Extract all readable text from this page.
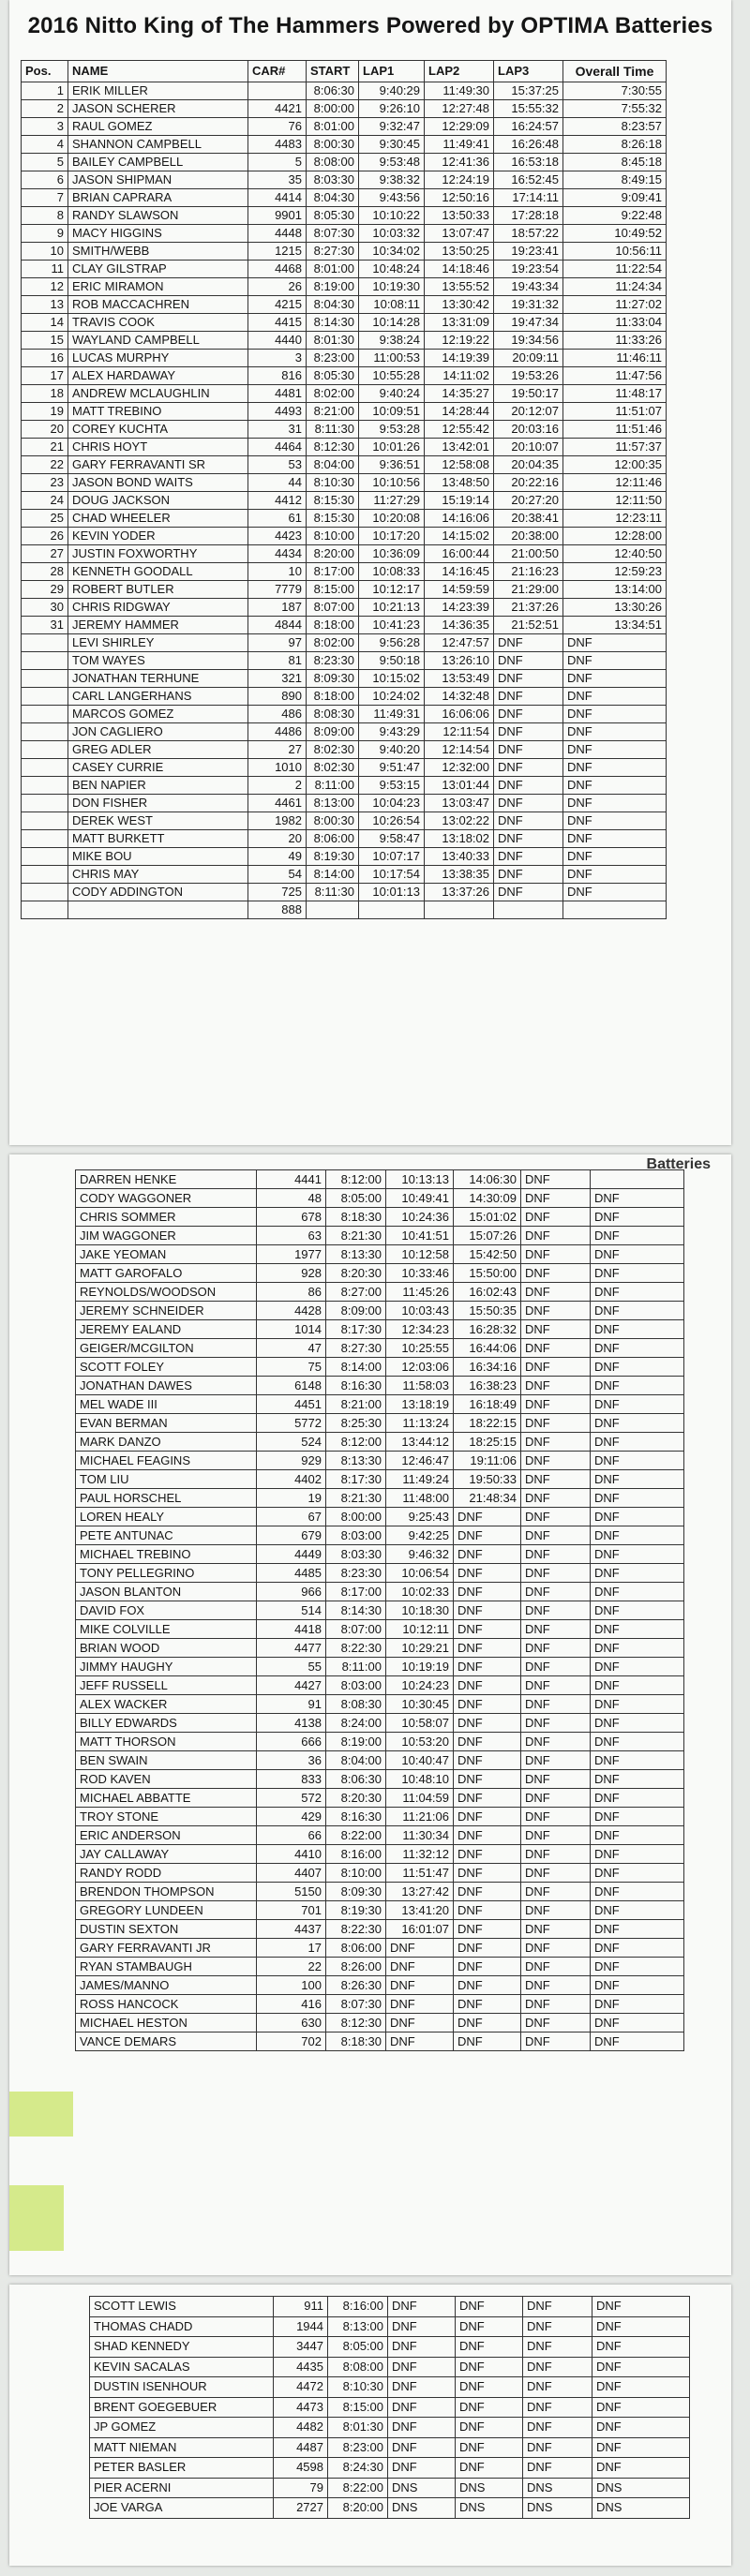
2016 Nitto King of The Hammers Powered by OPTIMA Batteries
Pos.	NAME	CAR#	START	LAP1	LAP2	LAP3	Overall Time
1	ERIK MILLER		8:06:30	9:40:29	11:49:30	15:37:25	7:30:55
2	JASON SCHERER	4421	8:00:00	9:26:10	12:27:48	15:55:32	7:55:32
3	RAUL GOMEZ	76	8:01:00	9:32:47	12:29:09	16:24:57	8:23:57
4	SHANNON CAMPBELL	4483	8:00:30	9:30:45	11:49:41	16:26:48	8:26:18
5	BAILEY CAMPBELL	5	8:08:00	9:53:48	12:41:36	16:53:18	8:45:18
6	JASON SHIPMAN	35	8:03:30	9:38:32	12:24:19	16:52:45	8:49:15
7	BRIAN CAPRARA	4414	8:04:30	9:43:56	12:50:16	17:14:11	9:09:41
8	RANDY SLAWSON	9901	8:05:30	10:10:22	13:50:33	17:28:18	9:22:48
9	MACY HIGGINS	4448	8:07:30	10:03:32	13:07:47	18:57:22	10:49:52
10	SMITH/WEBB	1215	8:27:30	10:34:02	13:50:25	19:23:41	10:56:11
11	CLAY GILSTRAP	4468	8:01:00	10:48:24	14:18:46	19:23:54	11:22:54
12	ERIC MIRAMON	26	8:19:00	10:19:30	13:55:52	19:43:34	11:24:34
13	ROB MACCACHREN	4215	8:04:30	10:08:11	13:30:42	19:31:32	11:27:02
14	TRAVIS COOK	4415	8:14:30	10:14:28	13:31:09	19:47:34	11:33:04
15	WAYLAND CAMPBELL	4440	8:01:30	9:38:24	12:19:22	19:34:56	11:33:26
16	LUCAS MURPHY	3	8:23:00	11:00:53	14:19:39	20:09:11	11:46:11
17	ALEX HARDAWAY	816	8:05:30	10:55:28	14:11:02	19:53:26	11:47:56
18	ANDREW MCLAUGHLIN	4481	8:02:00	9:40:24	14:35:27	19:50:17	11:48:17
19	MATT TREBINO	4493	8:21:00	10:09:51	14:28:44	20:12:07	11:51:07
20	COREY KUCHTA	31	8:11:30	9:53:28	12:55:42	20:03:16	11:51:46
21	CHRIS HOYT	4464	8:12:30	10:01:26	13:42:01	20:10:07	11:57:37
22	GARY FERRAVANTI SR	53	8:04:00	9:36:51	12:58:08	20:04:35	12:00:35
23	JASON BOND WAITS	44	8:10:30	10:10:56	13:48:50	20:22:16	12:11:46
24	DOUG JACKSON	4412	8:15:30	11:27:29	15:19:14	20:27:20	12:11:50
25	CHAD WHEELER	61	8:15:30	10:20:08	14:16:06	20:38:41	12:23:11
26	KEVIN YODER	4423	8:10:00	10:17:20	14:15:02	20:38:00	12:28:00
27	JUSTIN FOXWORTHY	4434	8:20:00	10:36:09	16:00:44	21:00:50	12:40:50
28	KENNETH GOODALL	10	8:17:00	10:08:33	14:16:45	21:16:23	12:59:23
29	ROBERT BUTLER	7779	8:15:00	10:12:17	14:59:59	21:29:00	13:14:00
30	CHRIS RIDGWAY	187	8:07:00	10:21:13	14:23:39	21:37:26	13:30:26
31	JEREMY HAMMER	4844	8:18:00	10:41:23	14:36:35	21:52:51	13:34:51
	LEVI SHIRLEY	97	8:02:00	9:56:28	12:47:57	DNF	DNF
	TOM WAYES	81	8:23:30	9:50:18	13:26:10	DNF	DNF
	JONATHAN TERHUNE	321	8:09:30	10:15:02	13:53:49	DNF	DNF
	CARL LANGERHANS	890	8:18:00	10:24:02	14:32:48	DNF	DNF
	MARCOS GOMEZ	486	8:08:30	11:49:31	16:06:06	DNF	DNF
	JON CAGLIERO	4486	8:09:00	9:43:29	12:11:54	DNF	DNF
	GREG ADLER	27	8:02:30	9:40:20	12:14:54	DNF	DNF
	CASEY CURRIE	1010	8:02:30	9:51:47	12:32:00	DNF	DNF
	BEN NAPIER	2	8:11:00	9:53:15	13:01:44	DNF	DNF
	DON FISHER	4461	8:13:00	10:04:23	13:03:47	DNF	DNF
	DEREK WEST	1982	8:00:30	10:26:54	13:02:22	DNF	DNF
	MATT BURKETT	20	8:06:00	9:58:47	13:18:02	DNF	DNF
	MIKE BOU	49	8:19:30	10:07:17	13:40:33	DNF	DNF
	CHRIS MAY	54	8:14:00	10:17:54	13:38:35	DNF	DNF
	CODY ADDINGTON	725	8:11:30	10:01:13	13:37:26	DNF	DNF
		888					
Batteries
DARREN HENKE	4441	8:12:00	10:13:13	14:06:30	DNF	
CODY WAGGONER	48	8:05:00	10:49:41	14:30:09	DNF	DNF
CHRIS SOMMER	678	8:18:30	10:24:36	15:01:02	DNF	DNF
JIM WAGGONER	63	8:21:30	10:41:51	15:07:26	DNF	DNF
JAKE YEOMAN	1977	8:13:30	10:12:58	15:42:50	DNF	DNF
MATT GAROFALO	928	8:20:30	10:33:46	15:50:00	DNF	DNF
REYNOLDS/WOODSON	86	8:27:00	11:45:26	16:02:43	DNF	DNF
JEREMY SCHNEIDER	4428	8:09:00	10:03:43	15:50:35	DNF	DNF
JEREMY EALAND	1014	8:17:30	12:34:23	16:28:32	DNF	DNF
GEIGER/MCGILTON	47	8:27:30	10:25:55	16:44:06	DNF	DNF
SCOTT FOLEY	75	8:14:00	12:03:06	16:34:16	DNF	DNF
JONATHAN DAWES	6148	8:16:30	11:58:03	16:38:23	DNF	DNF
MEL WADE III	4451	8:21:00	13:18:19	16:18:49	DNF	DNF
EVAN BERMAN	5772	8:25:30	11:13:24	18:22:15	DNF	DNF
MARK DANZO	524	8:12:00	13:44:12	18:25:15	DNF	DNF
MICHAEL FEAGINS	929	8:13:30	12:46:47	19:11:06	DNF	DNF
TOM LIU	4402	8:17:30	11:49:24	19:50:33	DNF	DNF
PAUL HORSCHEL	19	8:21:30	11:48:00	21:48:34	DNF	DNF
LOREN HEALY	67	8:00:00	9:25:43	DNF	DNF	DNF
PETE ANTUNAC	679	8:03:00	9:42:25	DNF	DNF	DNF
MICHAEL TREBINO	4449	8:03:30	9:46:32	DNF	DNF	DNF
TONY PELLEGRINO	4485	8:23:30	10:06:54	DNF	DNF	DNF
JASON BLANTON	966	8:17:00	10:02:33	DNF	DNF	DNF
DAVID FOX	514	8:14:30	10:18:30	DNF	DNF	DNF
MIKE COLVILLE	4418	8:07:00	10:12:11	DNF	DNF	DNF
BRIAN WOOD	4477	8:22:30	10:29:21	DNF	DNF	DNF
JIMMY HAUGHY	55	8:11:00	10:19:19	DNF	DNF	DNF
JEFF RUSSELL	4427	8:03:00	10:24:23	DNF	DNF	DNF
ALEX WACKER	91	8:08:30	10:30:45	DNF	DNF	DNF
BILLY EDWARDS	4138	8:24:00	10:58:07	DNF	DNF	DNF
MATT THORSON	666	8:19:00	10:53:20	DNF	DNF	DNF
BEN SWAIN	36	8:04:00	10:40:47	DNF	DNF	DNF
ROD KAVEN	833	8:06:30	10:48:10	DNF	DNF	DNF
MICHAEL ABBATTE	572	8:20:30	11:04:59	DNF	DNF	DNF
TROY STONE	429	8:16:30	11:21:06	DNF	DNF	DNF
ERIC ANDERSON	66	8:22:00	11:30:34	DNF	DNF	DNF
JAY CALLAWAY	4410	8:16:00	11:32:12	DNF	DNF	DNF
RANDY RODD	4407	8:10:00	11:51:47	DNF	DNF	DNF
BRENDON THOMPSON	5150	8:09:30	13:27:42	DNF	DNF	DNF
GREGORY LUNDEEN	701	8:19:30	13:41:20	DNF	DNF	DNF
DUSTIN SEXTON	4437	8:22:30	16:01:07	DNF	DNF	DNF
GARY FERRAVANTI JR	17	8:06:00	DNF	DNF	DNF	DNF
RYAN STAMBAUGH	22	8:26:00	DNF	DNF	DNF	DNF
JAMES/MANNO	100	8:26:30	DNF	DNF	DNF	DNF
ROSS HANCOCK	416	8:07:30	DNF	DNF	DNF	DNF
MICHAEL HESTON	630	8:12:30	DNF	DNF	DNF	DNF
VANCE DEMARS	702	8:18:30	DNF	DNF	DNF	DNF
SCOTT LEWIS	911	8:16:00	DNF	DNF	DNF	DNF
THOMAS CHADD	1944	8:13:00	DNF	DNF	DNF	DNF
SHAD KENNEDY	3447	8:05:00	DNF	DNF	DNF	DNF
KEVIN SACALAS	4435	8:08:00	DNF	DNF	DNF	DNF
DUSTIN ISENHOUR	4472	8:10:30	DNF	DNF	DNF	DNF
BRENT GOEGEBUER	4473	8:15:00	DNF	DNF	DNF	DNF
JP GOMEZ	4482	8:01:30	DNF	DNF	DNF	DNF
MATT NIEMAN	4487	8:23:00	DNF	DNF	DNF	DNF
PETER BASLER	4598	8:24:30	DNF	DNF	DNF	DNF
PIER ACERNI	79	8:22:00	DNS	DNS	DNS	DNS
JOE VARGA	2727	8:20:00	DNS	DNS	DNS	DNS
